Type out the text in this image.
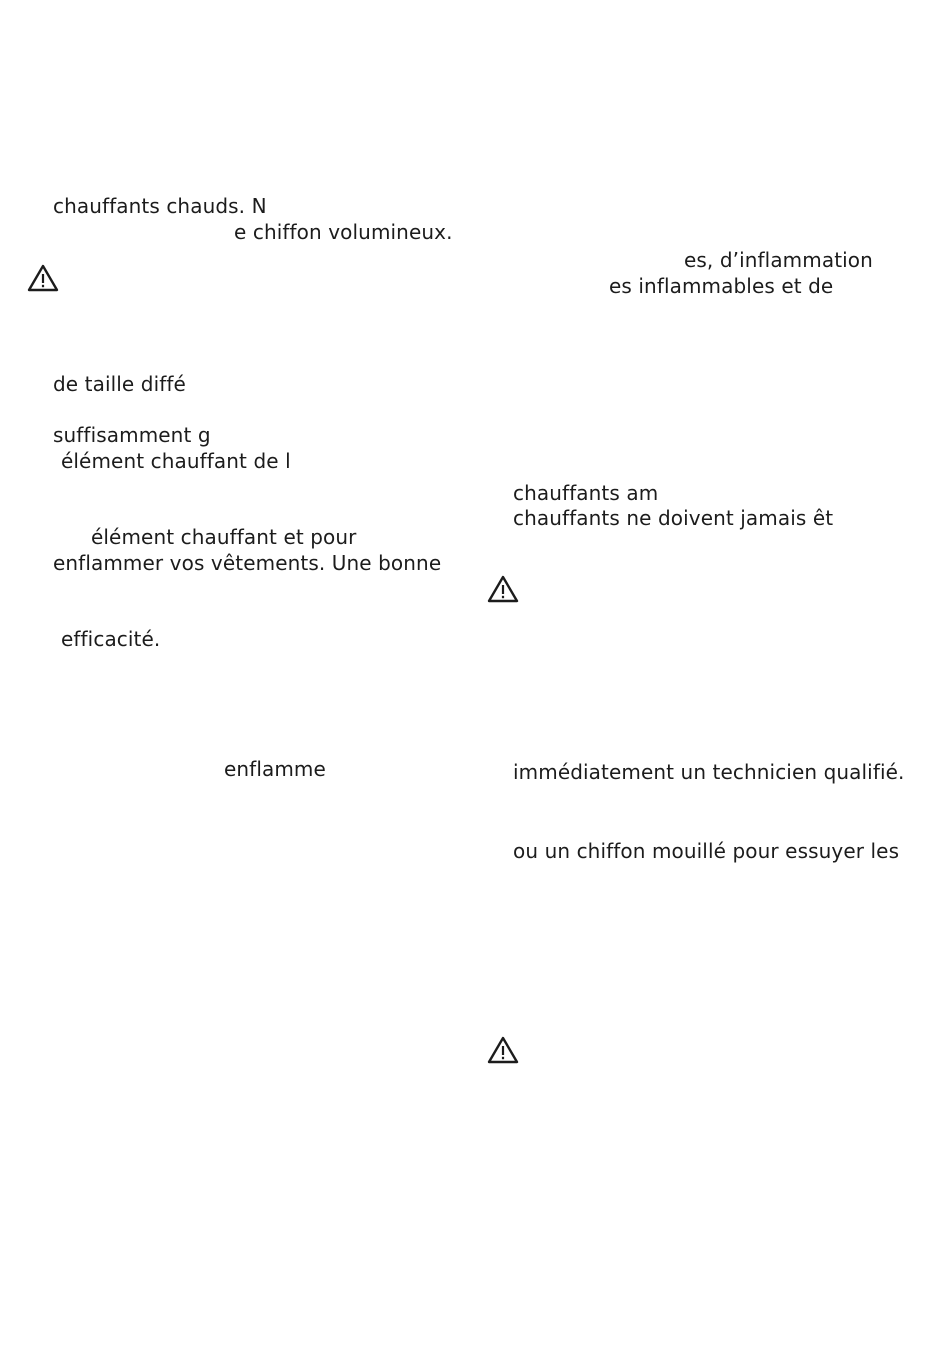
chauffants chauds. N
e chiffon volumineux.
de taille diffé
suffisamment g
élément chauffant de l
élément chauffant et pour
enflammer vos vêtements. Une bonne
efficacité.
enflamme
es, d’inflammation
es inflammables et de
chauffants am
chauffants ne doivent jamais êt
immédiatement un technicien qualifié.
ou un chiffon mouillé pour essuyer les
